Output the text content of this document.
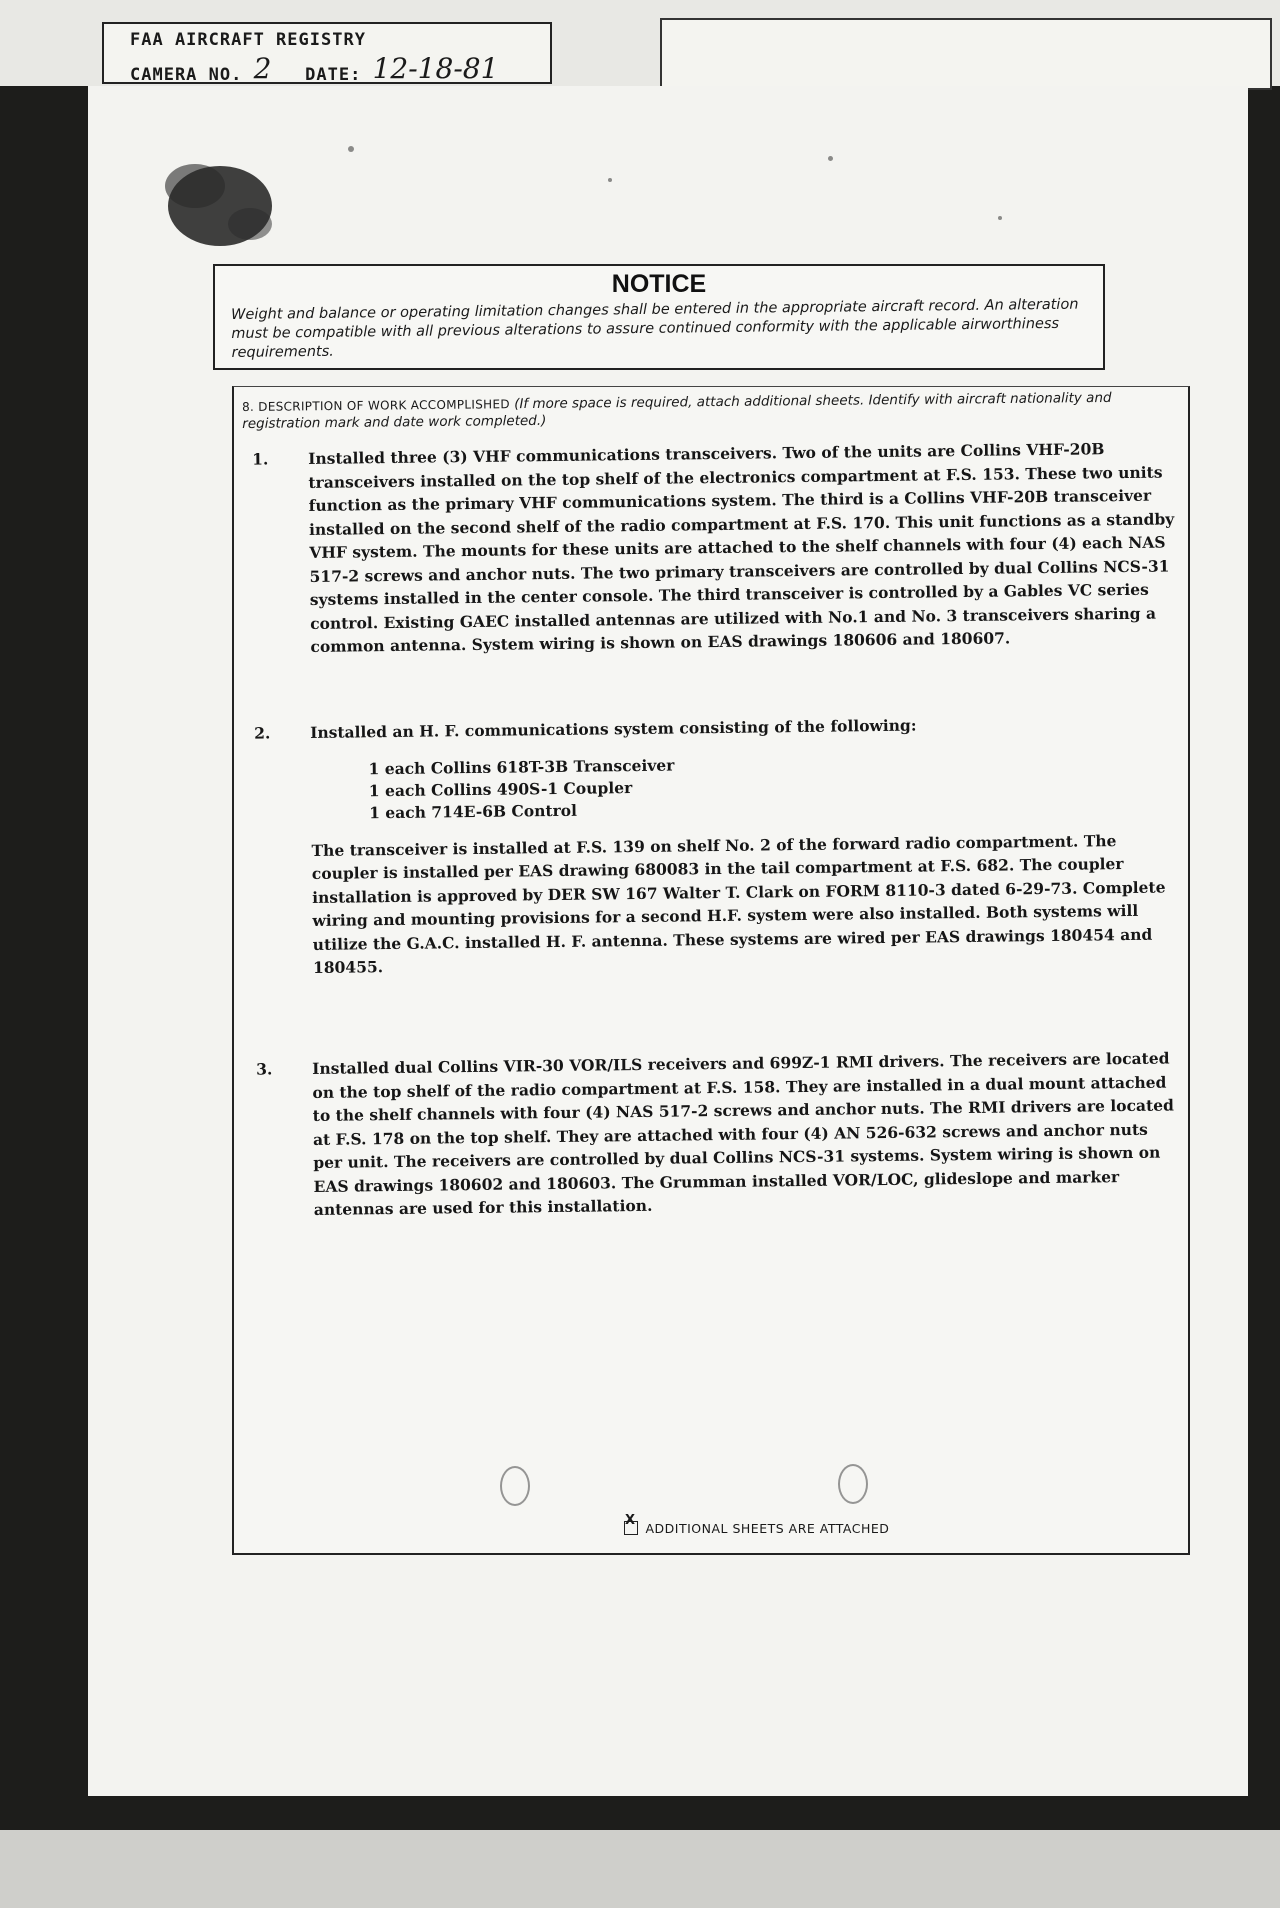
FAA AIRCRAFT REGISTRY
CAMERA NO. 2 DATE: 12-18-81
NOTICE
Weight and balance or operating limitation changes shall be entered in the appropriate aircraft record. An alteration must be compatible with all previous alterations to assure continued conformity with the applicable airworthiness requirements.
8. DESCRIPTION OF WORK ACCOMPLISHED (If more space is required, attach additional sheets. Identify with aircraft nationality and registration mark and date work completed.)
1.	Installed three (3) VHF communications transceivers. Two of the units are Collins VHF-20B transceivers installed on the top shelf of the electronics compartment at F.S. 153. These two units function as the primary VHF communications system. The third is a Collins VHF-20B transceiver installed on the second shelf of the radio compartment at F.S. 170. This unit functions as a standby VHF system. The mounts for these units are attached to the shelf channels with four (4) each NAS 517-2 screws and anchor nuts. The two primary transceivers are controlled by dual Collins NCS-31 systems installed in the center console. The third transceiver is controlled by a Gables VC series control. Existing GAEC installed antennas are utilized with No.1 and No. 3 transceivers sharing a common antenna. System wiring is shown on EAS drawings 180606 and 180607.

2.	Installed an H. F. communications system consisting of the following:

1 each Collins 618T-3B Transceiver
1 each Collins 490S-1 Coupler
1 each 714E-6B Control

The transceiver is installed at F.S. 139 on shelf No. 2 of the forward radio compartment. The coupler is installed per EAS drawing 680083 in the tail compartment at F.S. 682. The coupler installation is approved by DER SW 167 Walter T. Clark on FORM 8110-3 dated 6-29-73. Complete wiring and mounting provisions for a second H.F. system were also installed. Both systems will utilize the G.A.C. installed H. F. antenna. These systems are wired per EAS drawings 180454 and 180455.

3.	Installed dual Collins VIR-30 VOR/ILS receivers and 699Z-1 RMI drivers. The receivers are located on the top shelf of the radio compartment at F.S. 158. They are installed in a dual mount attached to the shelf channels with four (4) NAS 517-2 screws and anchor nuts. The RMI drivers are located at F.S. 178 on the top shelf. They are attached with four (4) AN 526-632 screws and anchor nuts per unit. The receivers are controlled by dual Collins NCS-31 systems. System wiring is shown on EAS drawings 180602 and 180603. The Grumman installed VOR/LOC, glideslope and marker antennas are used for this installation.

X
ADDITIONAL SHEETS ARE ATTACHED
